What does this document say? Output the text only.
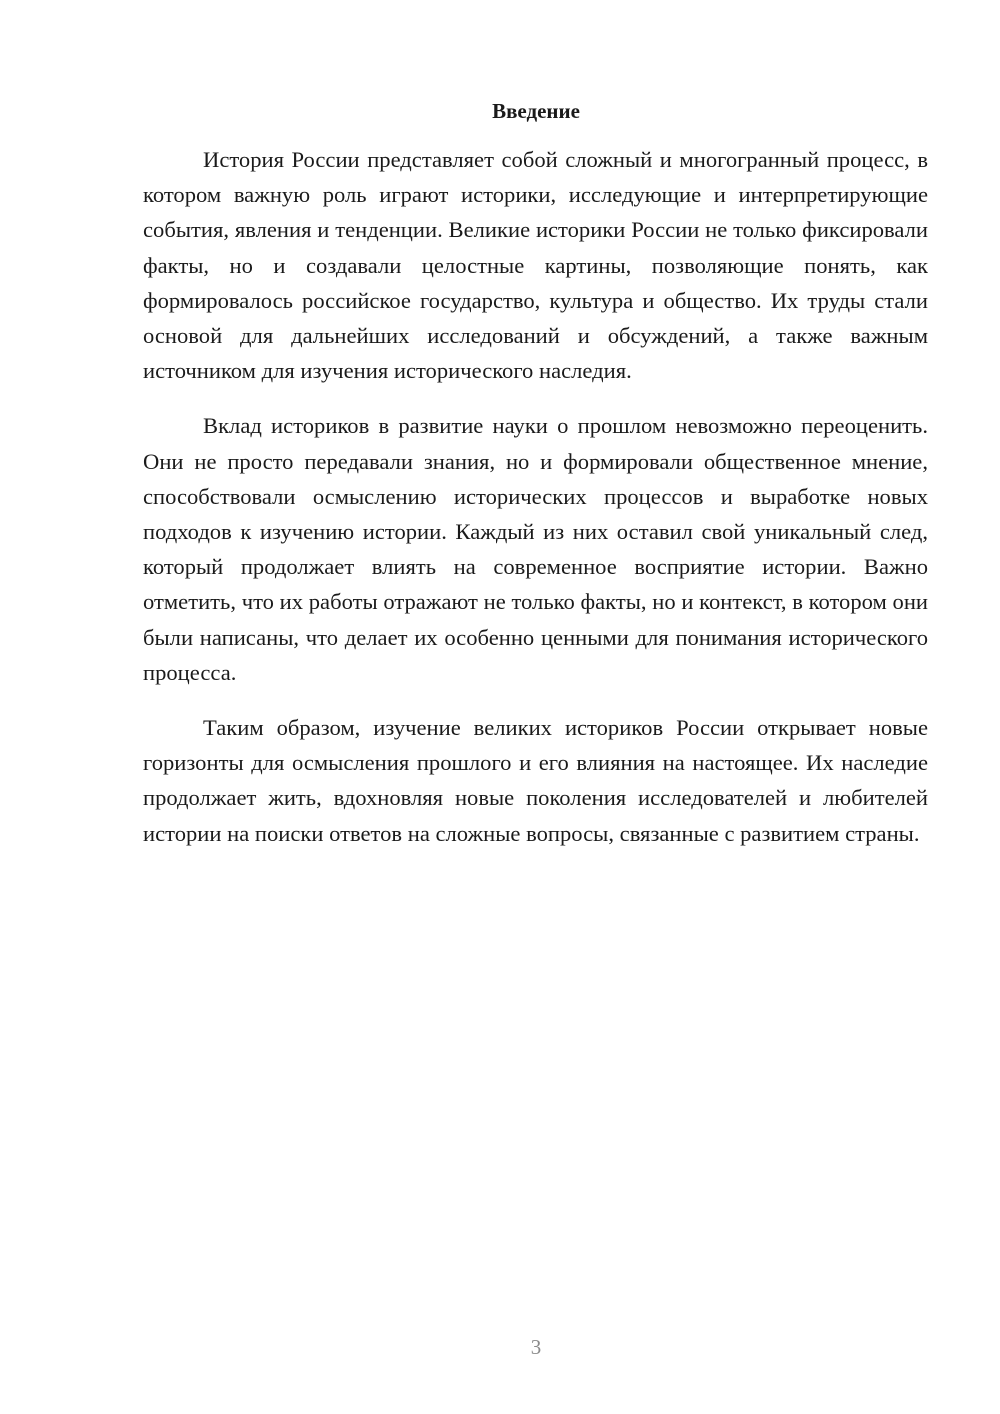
Введение

История России представляет собой сложный и многогранный процесс, в котором важную роль играют историки, исследующие и интерпретирующие события, явления и тенденции. Великие историки России не только фиксировали факты, но и создавали целостные картины, позволяющие понять, как формировалось российское государство, культура и общество. Их труды стали основой для дальнейших исследований и обсуждений, а также важным источником для изучения исторического наследия.

Вклад историков в развитие науки о прошлом невозможно переоценить. Они не просто передавали знания, но и формировали общественное мнение, способствовали осмыслению исторических процессов и выработке новых подходов к изучению истории. Каждый из них оставил свой уникальный след, который продолжает влиять на современное восприятие истории. Важно отметить, что их работы отражают не только факты, но и контекст, в котором они были написаны, что делает их особенно ценными для понимания исторического процесса.

Таким образом, изучение великих историков России открывает новые горизонты для осмысления прошлого и его влияния на настоящее. Их наследие продолжает жить, вдохновляя новые поколения исследователей и любителей истории на поиски ответов на сложные вопросы, связанные с развитием страны.

3
